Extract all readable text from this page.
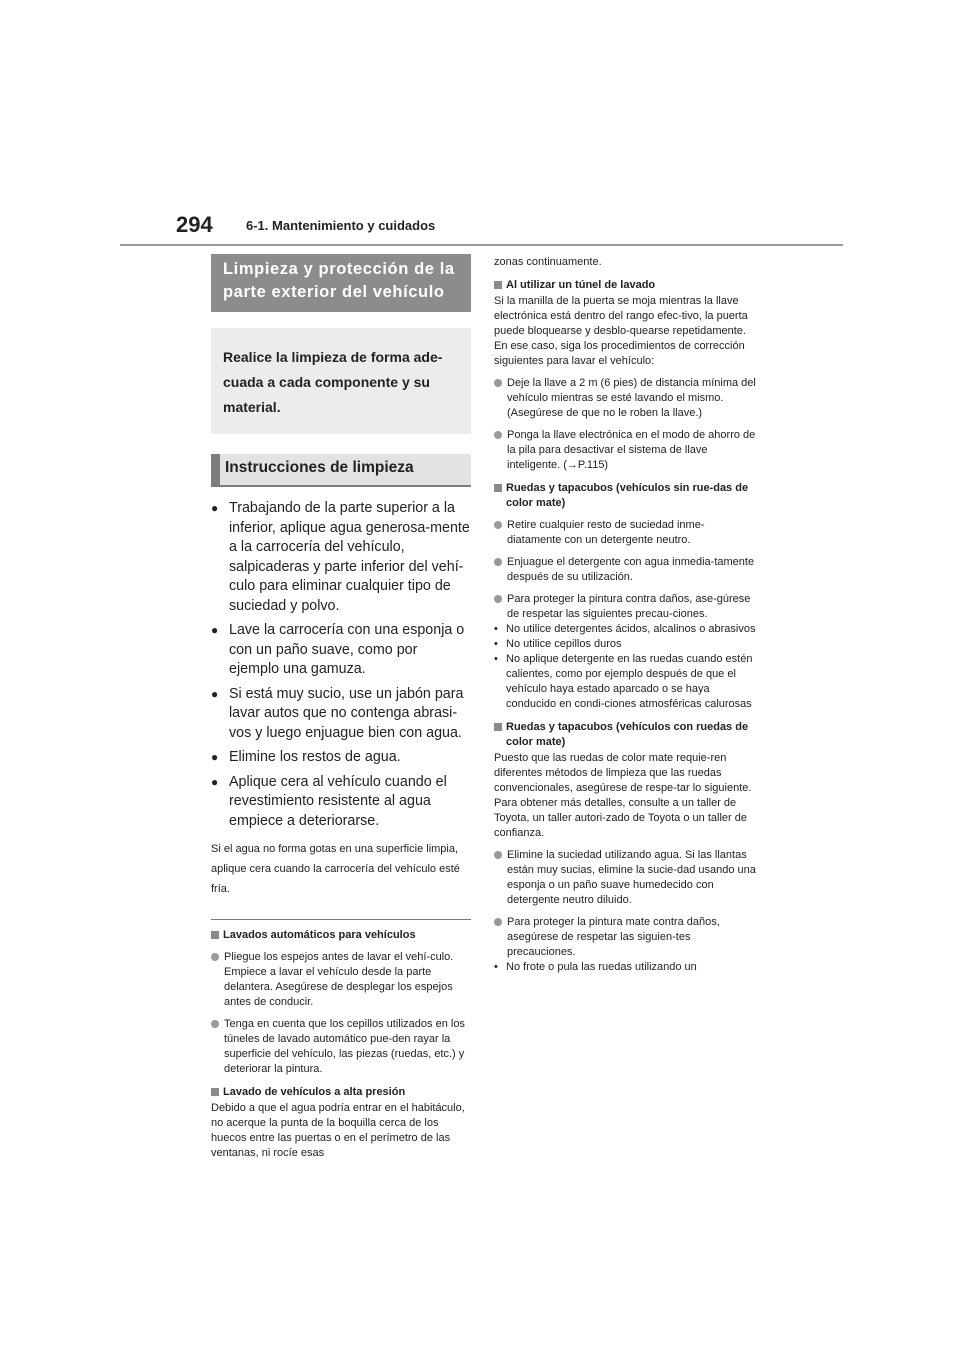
294	6-1. Mantenimiento y cuidados
Limpieza y protección de la parte exterior del vehículo
Realice la limpieza de forma ade-cuada a cada componente y su material.
Instrucciones de limpieza
● Trabajando de la parte superior a la inferior, aplique agua generosa-mente a la carrocería del vehículo, salpicaderas y parte inferior del vehí-culo para eliminar cualquier tipo de suciedad y polvo.
● Lave la carrocería con una esponja o con un paño suave, como por ejemplo una gamuza.
● Si está muy sucio, use un jabón para lavar autos que no contenga abrasi-vos y luego enjuague bien con agua.
● Elimine los restos de agua.
● Aplique cera al vehículo cuando el revestimiento resistente al agua empiece a deteriorarse.
Si el agua no forma gotas en una superficie limpia, aplique cera cuando la carrocería del vehículo esté fría.
Lavados automáticos para vehículos
Pliegue los espejos antes de lavar el vehí-culo. Empiece a lavar el vehículo desde la parte delantera. Asegúrese de desplegar los espejos antes de conducir.
Tenga en cuenta que los cepillos utilizados en los túneles de lavado automático pue-den rayar la superficie del vehículo, las piezas (ruedas, etc.) y deteriorar la pintura.
Lavado de vehículos a alta presión
Debido a que el agua podría entrar en el habitáculo, no acerque la punta de la boquilla cerca de los huecos entre las puertas o en el perímetro de las ventanas, ni rocíe esas
zonas continuamente.
Al utilizar un túnel de lavado
Si la manilla de la puerta se moja mientras la llave electrónica está dentro del rango efec-tivo, la puerta puede bloquearse y desblo-quearse repetidamente. En ese caso, siga los procedimientos de corrección siguientes para lavar el vehículo:
Deje la llave a 2 m (6 pies) de distancia mínima del vehículo mientras se esté lavando el mismo. (Asegúrese de que no le roben la llave.)
Ponga la llave electrónica en el modo de ahorro de la pila para desactivar el sistema de llave inteligente. (→P.115)
Ruedas y tapacubos (vehículos sin rue-das de color mate)
Retire cualquier resto de suciedad inme-diatamente con un detergente neutro.
Enjuague el detergente con agua inmedia-tamente después de su utilización.
Para proteger la pintura contra daños, ase-gúrese de respetar las siguientes precau-ciones.
• No utilice detergentes ácidos, alcalinos o abrasivos
• No utilice cepillos duros
• No aplique detergente en las ruedas cuando estén calientes, como por ejemplo después de que el vehículo haya estado aparcado o se haya conducido en condi-ciones atmosféricas calurosas
Ruedas y tapacubos (vehículos con ruedas de color mate)
Puesto que las ruedas de color mate requie-ren diferentes métodos de limpieza que las ruedas convencionales, asegúrese de respe-tar lo siguiente. Para obtener más detalles, consulte a un taller de Toyota, un taller autori-zado de Toyota o un taller de confianza.
Elimine la suciedad utilizando agua. Si las llantas están muy sucias, elimine la sucie-dad usando una esponja o un paño suave humedecido con detergente neutro diluido.
Para proteger la pintura mate contra daños, asegúrese de respetar las siguien-tes precauciones.
• No frote o pula las ruedas utilizando un
